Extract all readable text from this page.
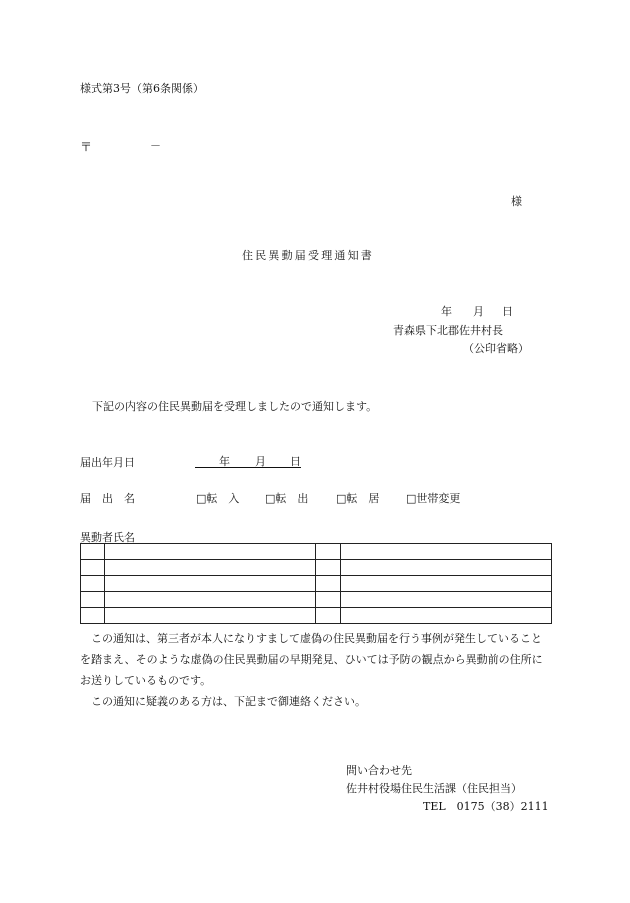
様式第3号（第6条関係）
〒	－
様
住民異動届受理通知書
年 月 日
青森県下北郡佐井村長
（公印省略）
下記の内容の住民異動届を受理しましたので通知します。
届出年月日	年 月 日
届　出　名	□転　入 □転　出	□転　居 □世帯変更
異動者氏名

この通知は、第三者が本人になりすまして虚偽の住民異動届を行う事例が発生していることを踏まえ、そのような虚偽の住民異動届の早期発見、ひいては予防の観点から異動前の住所にお送りしているものです。

この通知に疑義のある方は、下記まで御連絡ください。

問い合わせ先
佐井村役場住民生活課（住民担当）
TEL　0175（38）2111
